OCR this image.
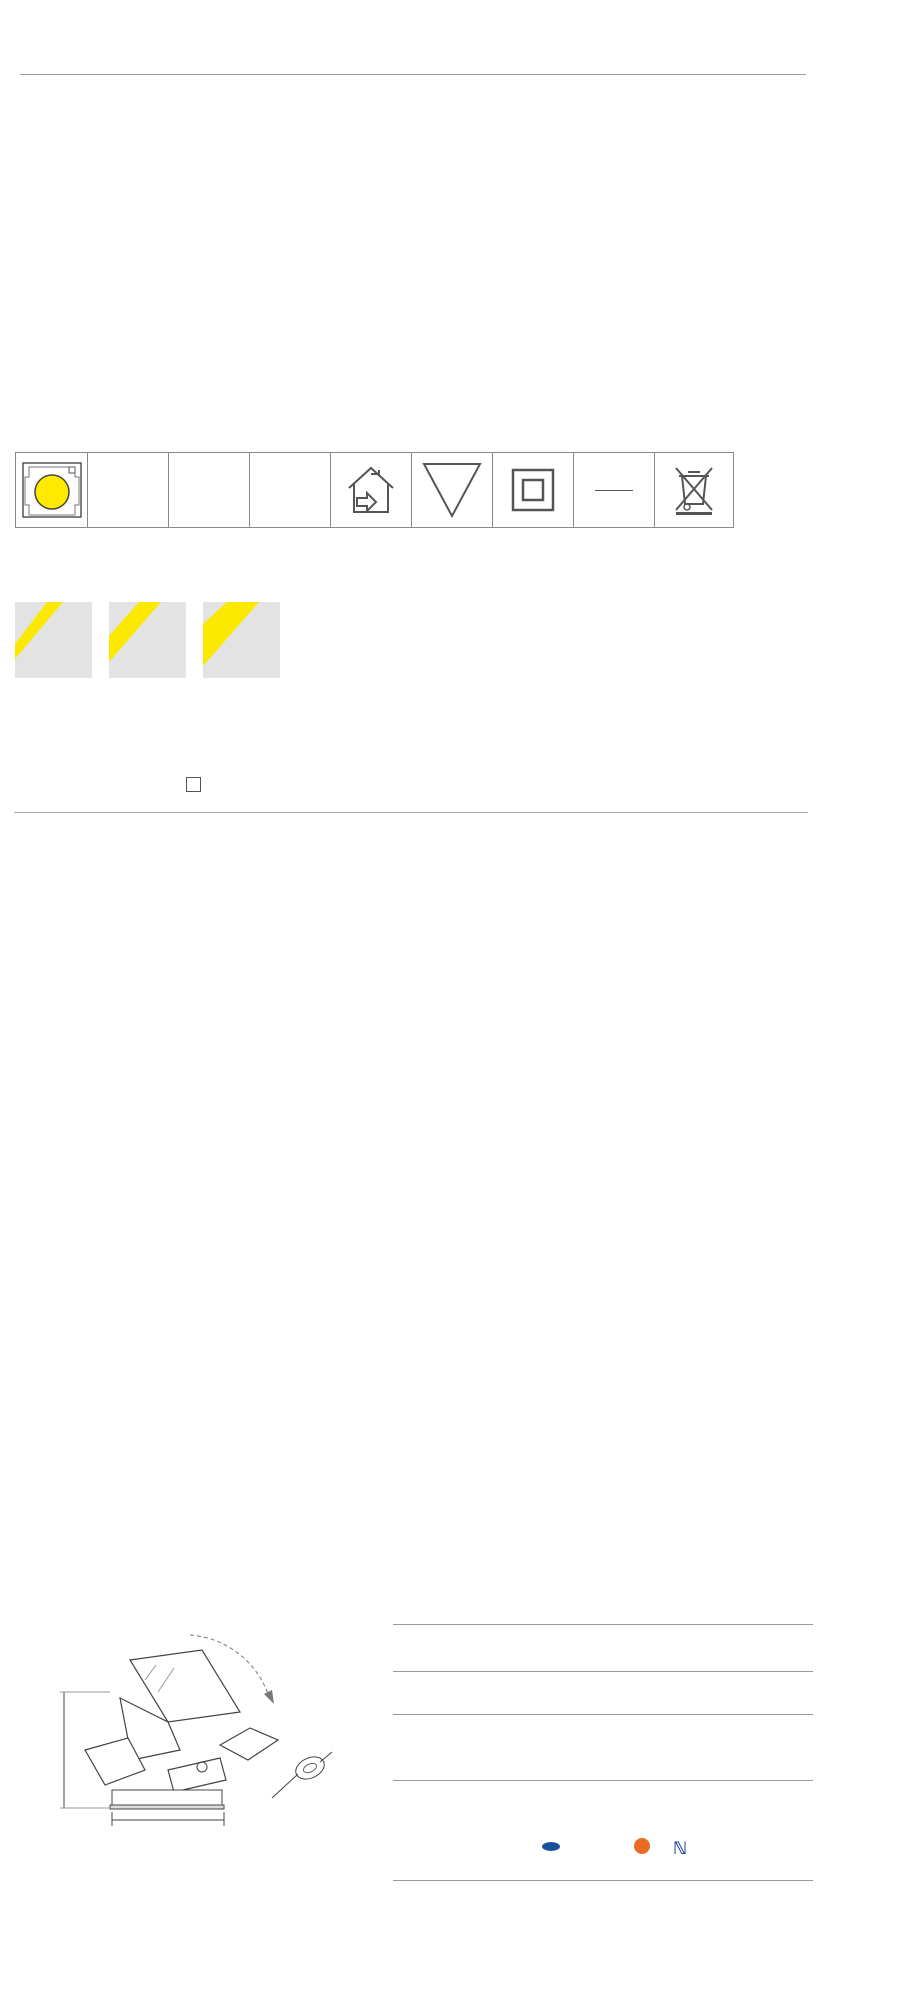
ℕ
